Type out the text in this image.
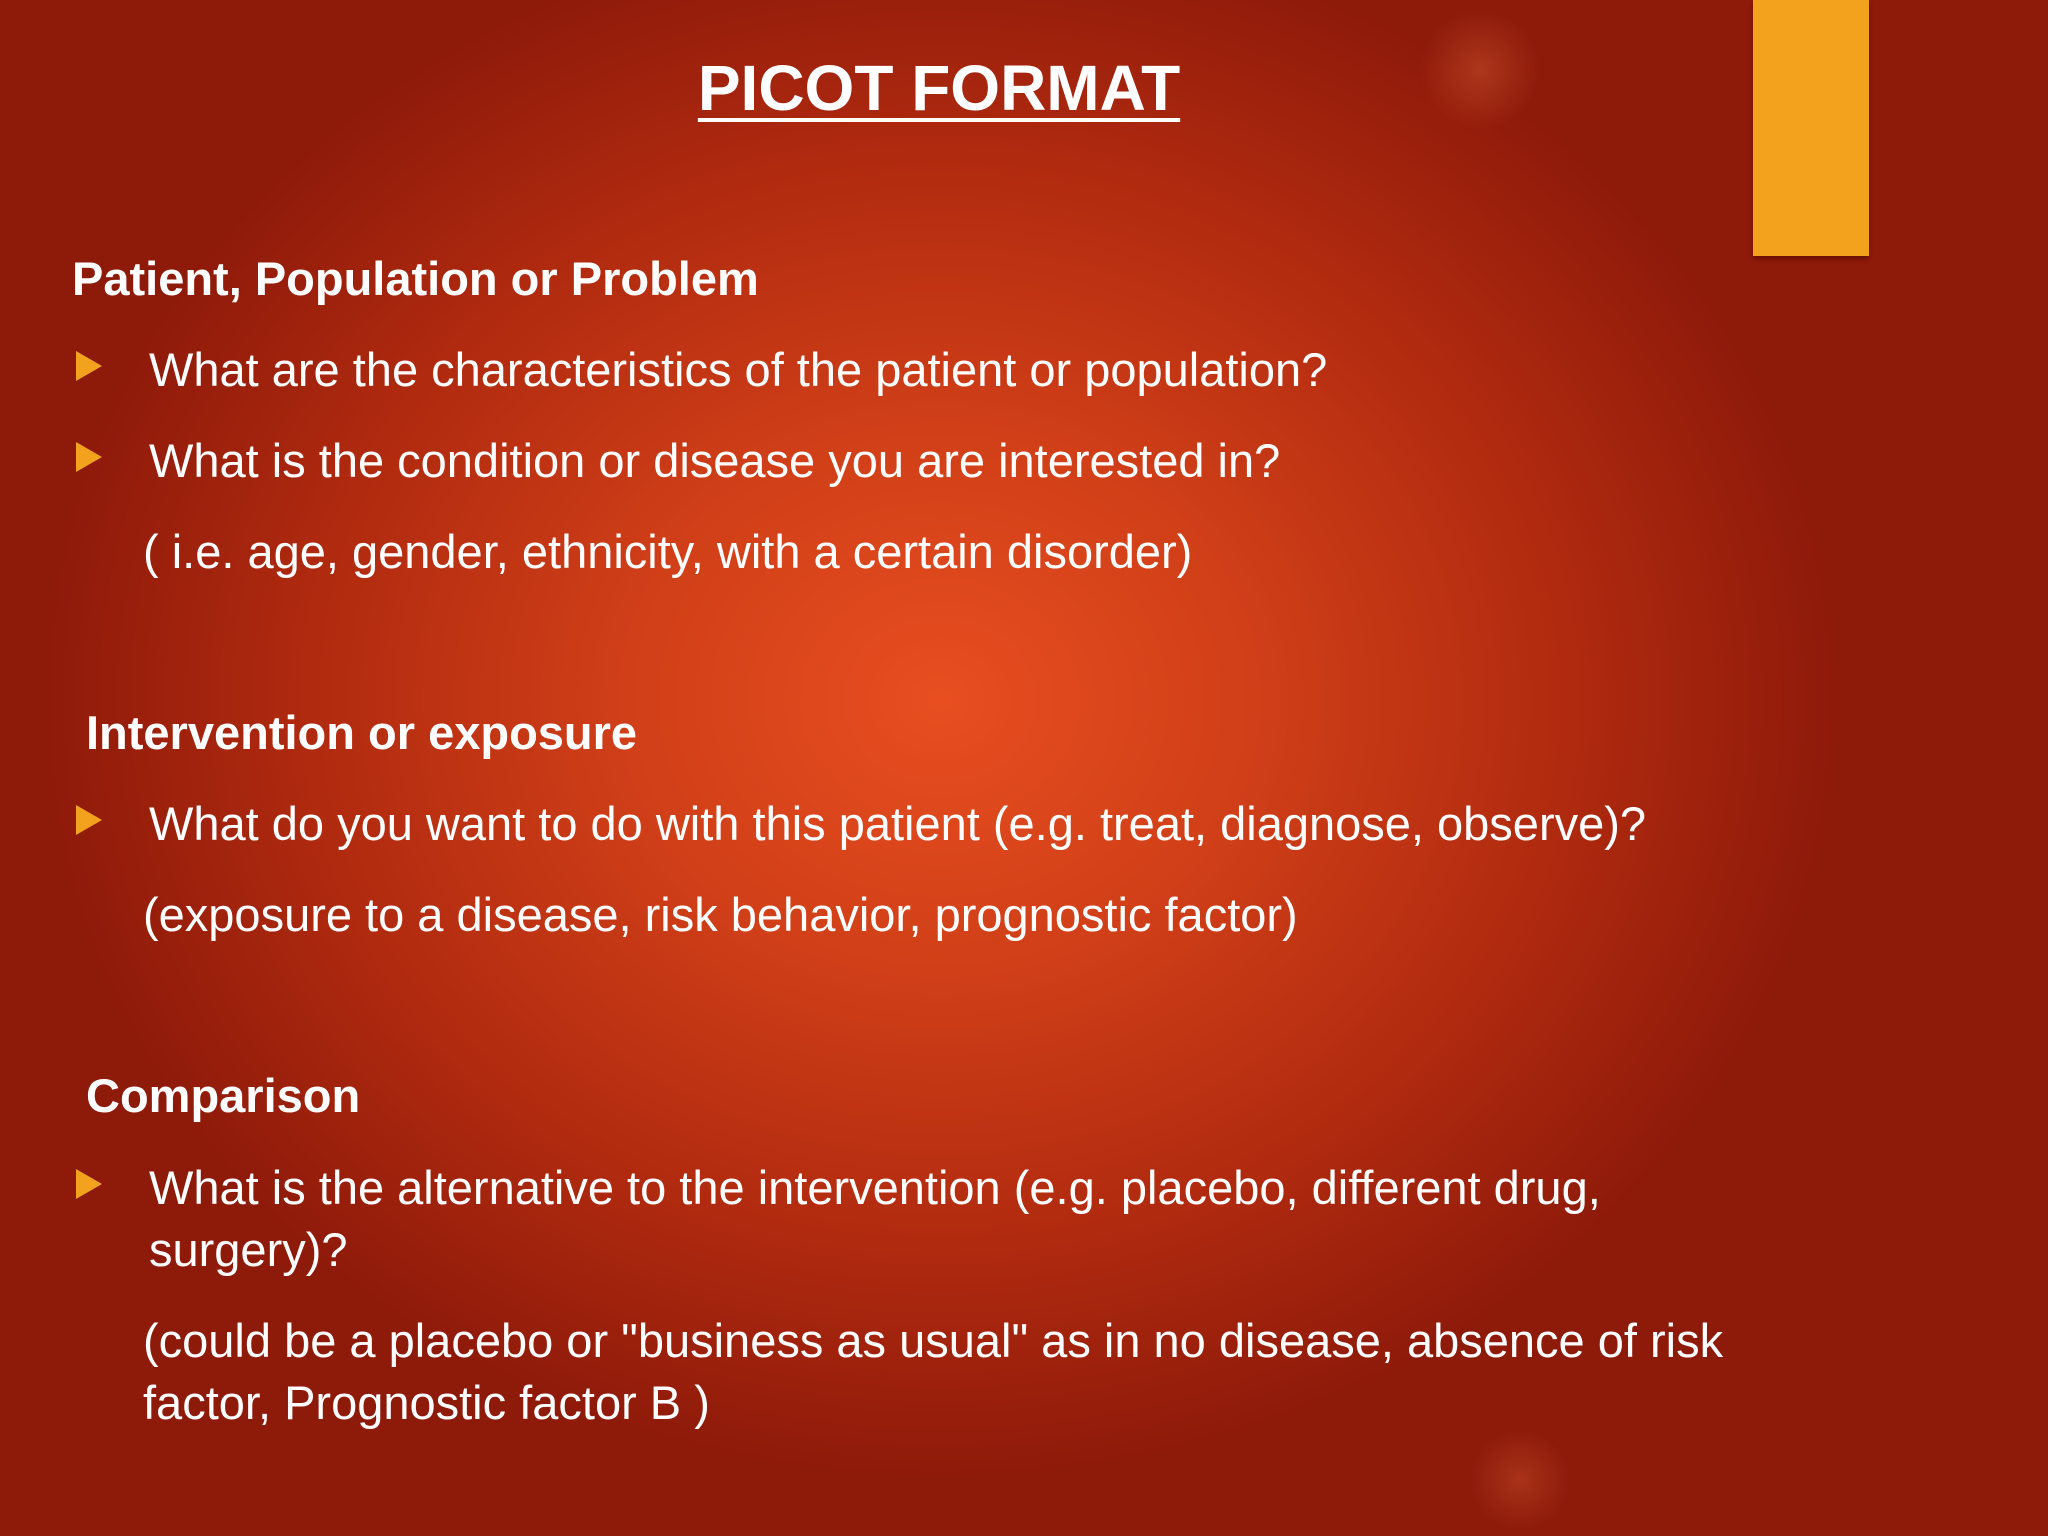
PICOT FORMAT
Patient, Population or Problem
What are the characteristics of the patient or population?
What is the condition or disease you are interested in?
( i.e. age, gender, ethnicity, with a certain disorder)
Intervention or exposure
What do you want to do with this patient (e.g. treat, diagnose, observe)?
(exposure to a disease, risk behavior, prognostic factor)
Comparison
What is the alternative to the intervention (e.g. placebo, different drug, surgery)?
(could be a placebo or "business as usual" as in no disease, absence of risk factor, Prognostic factor B )
